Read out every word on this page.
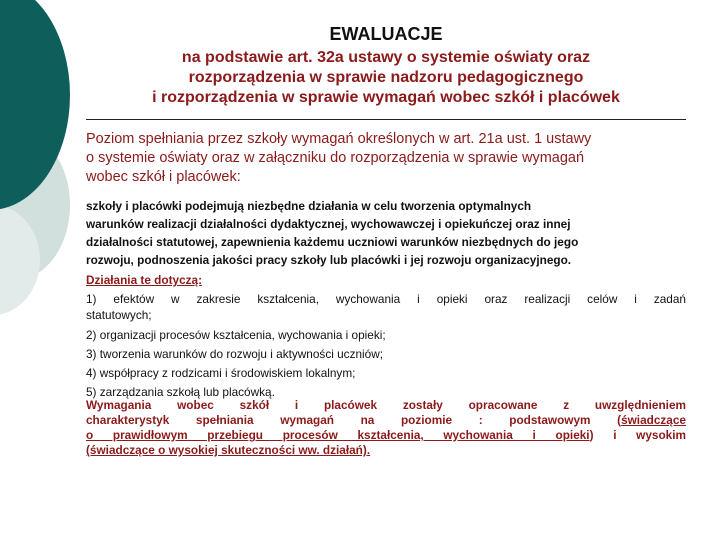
EWALUACJE
na podstawie art. 32a ustawy o systemie oświaty oraz
rozporządzenia w sprawie nadzoru pedagogicznego
i rozporządzenia w sprawie wymagań wobec szkół i placówek
Poziom spełniania przez szkoły wymagań określonych w art. 21a ust. 1 ustawy
o systemie oświaty oraz w załączniku do rozporządzenia w sprawie wymagań
wobec szkół i placówek:
szkoły i placówki podejmują niezbędne działania w celu tworzenia optymalnych
warunków realizacji działalności dydaktycznej, wychowawczej i opiekuńczej oraz innej
działalności statutowej, zapewnienia każdemu uczniowi warunków niezbędnych do jego
rozwoju, podnoszenia jakości pracy szkoły lub placówki i jej rozwoju organizacyjnego.
Działania te dotyczą:
1) efektów w zakresie kształcenia, wychowania i opieki oraz realizacji celów i zadań
statutowych;
2) organizacji procesów kształcenia, wychowania i opieki;
3) tworzenia warunków do rozwoju i aktywności uczniów;
4) współpracy z rodzicami i środowiskiem lokalnym;
5) zarządzania szkołą lub placówką.
Wymagania wobec szkół i placówek zostały opracowane z uwzględnieniem
charakterystyk spełniania wymagań na poziomie : podstawowym (świadczące
o prawidłowym przebiegu procesów kształcenia, wychowania i opieki) i wysokim
(świadczące o wysokiej skuteczności ww. działań).
